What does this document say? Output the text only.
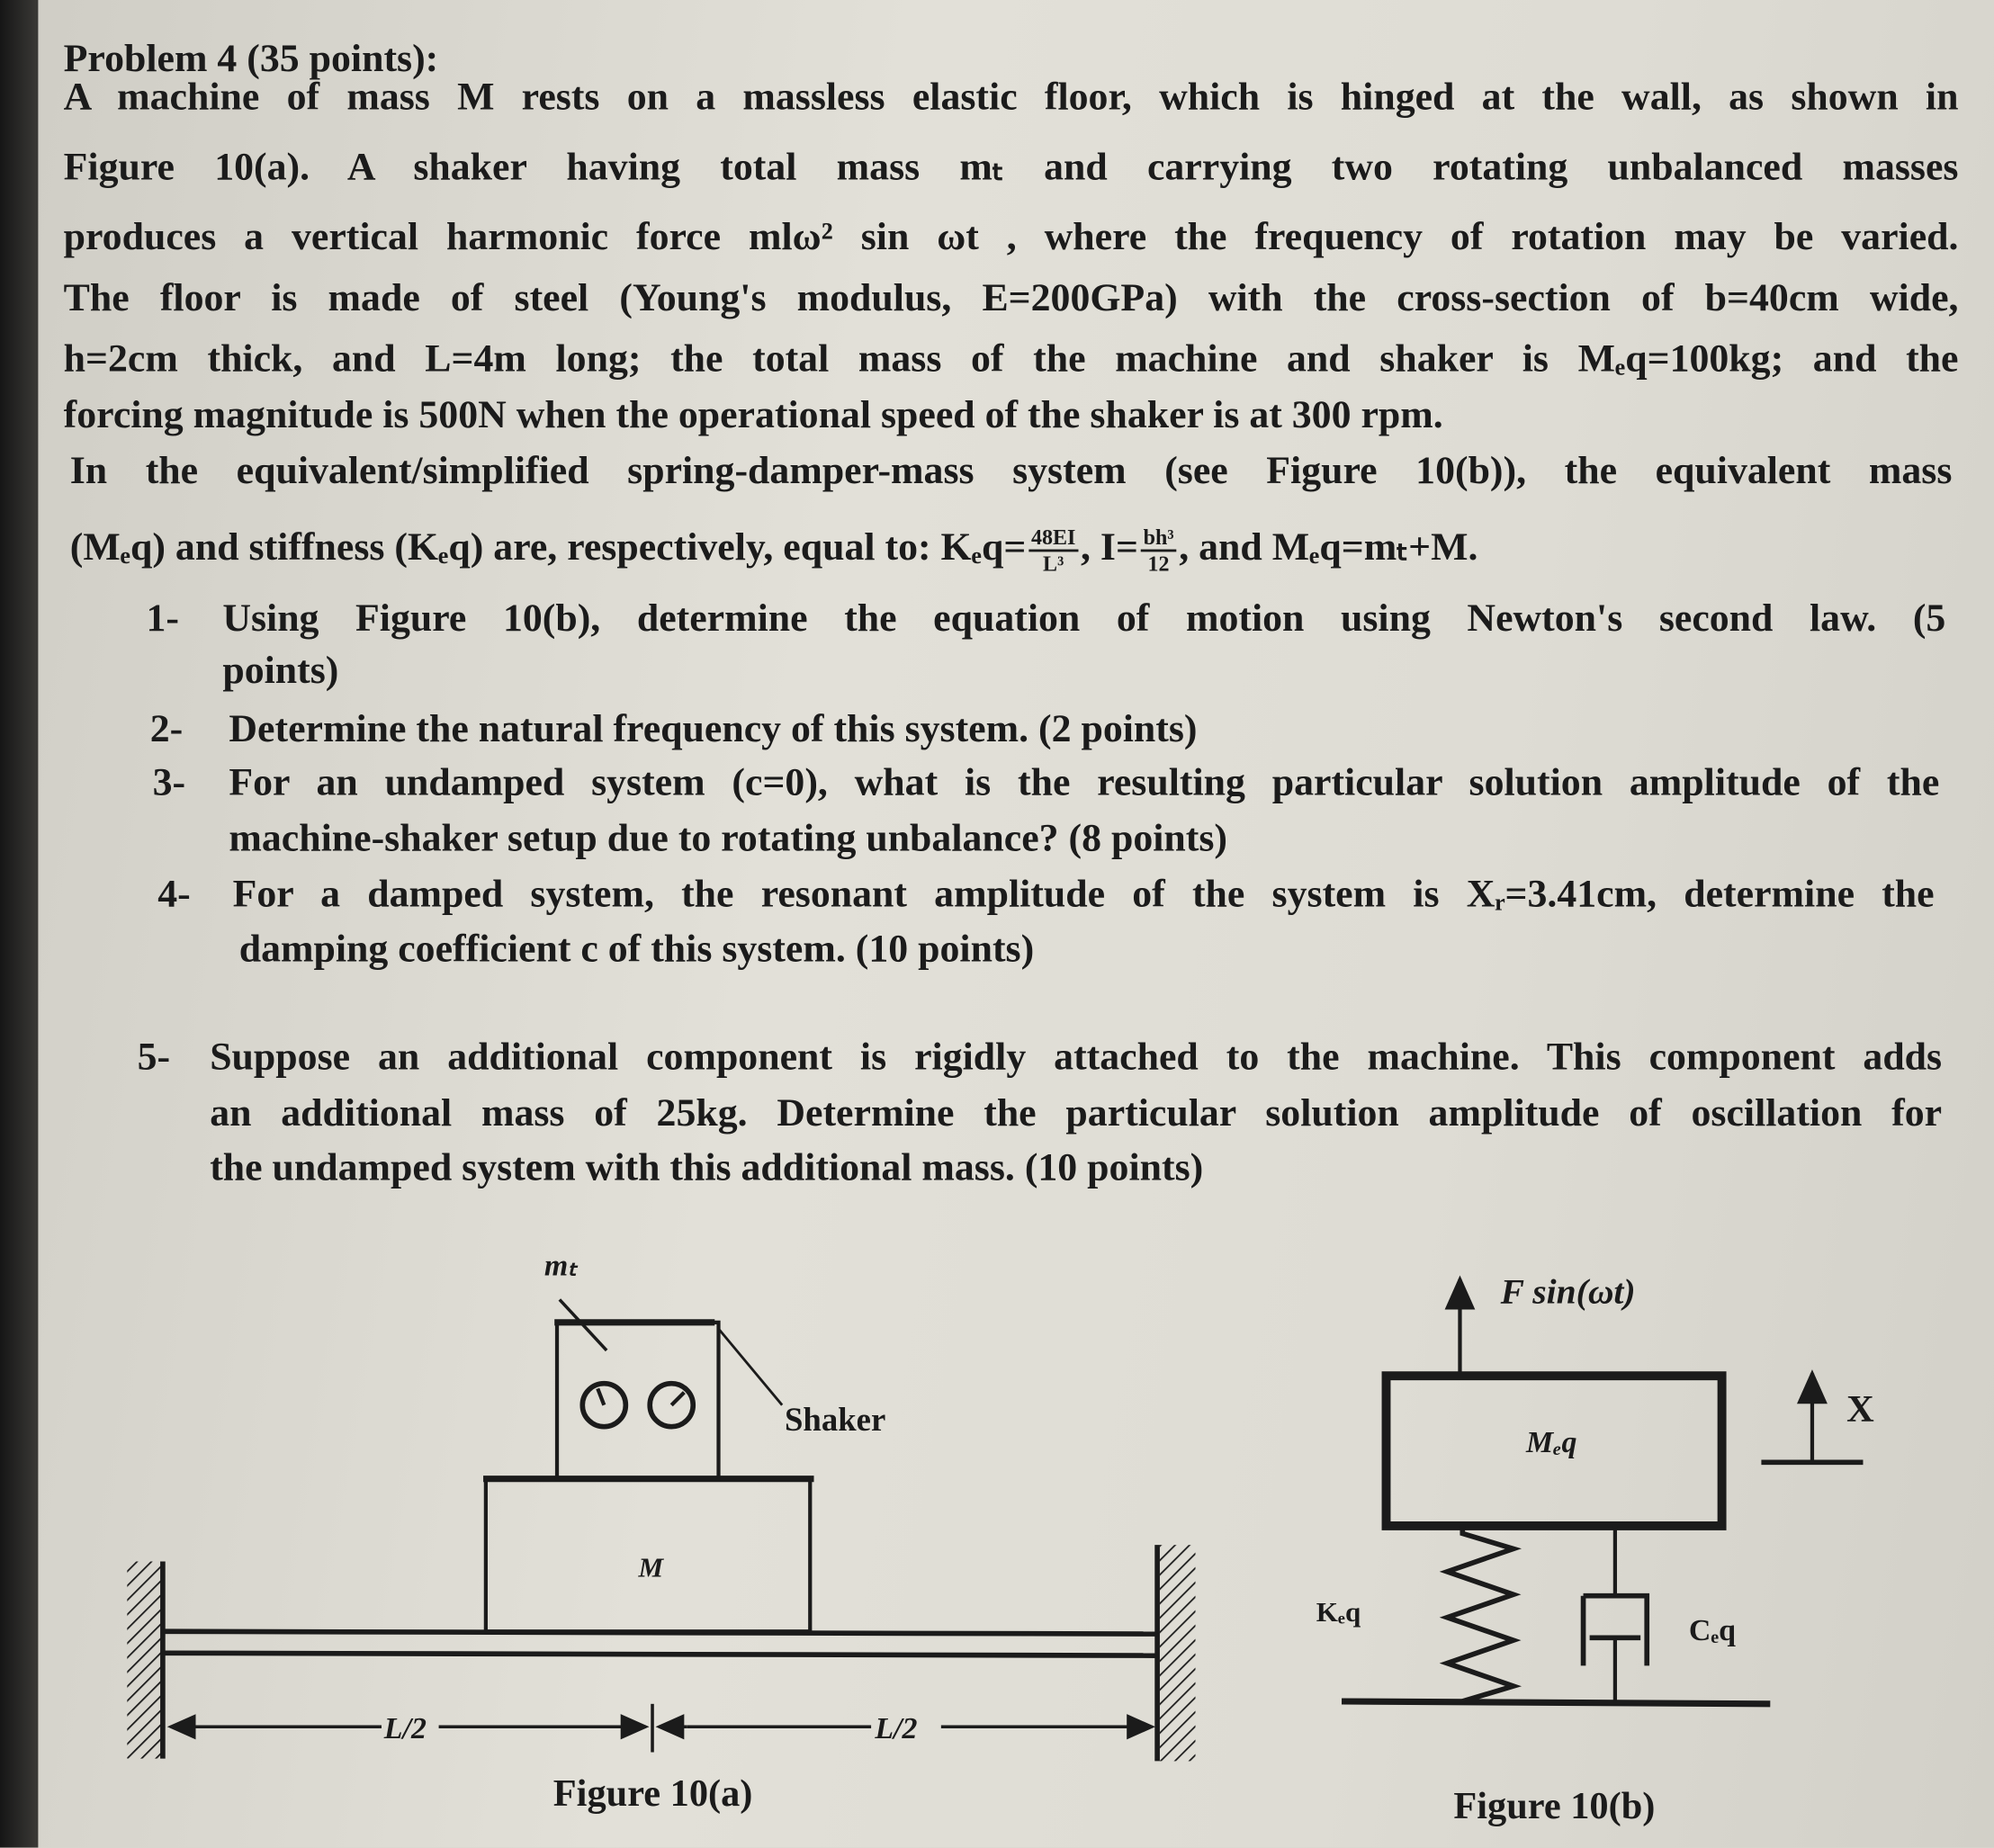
Problem 4 (35 points):
A machine of mass M rests on a massless elastic floor, which is hinged at the wall, as shown in
Figure 10(a). A shaker having total mass mₜ and carrying two rotating unbalanced masses
produces a vertical harmonic force mlω² sin ωt , where the frequency of rotation may be varied.
The floor is made of steel (Young's modulus, E=200GPa) with the cross-section of b=40cm wide,
h=2cm thick, and L=4m long; the total mass of the machine and shaker is Mₑq=100kg; and the
forcing magnitude is 500N when the operational speed of the shaker is at 300 rpm.
In the equivalent/simplified spring-damper-mass system (see Figure 10(b)), the equivalent mass
(Mₑq) and stiffness (Kₑq) are, respectively, equal to: $K_eq= \frac{48EI}{\text{L³}}$ , $I= \frac{\text{bh³}}{12}$ , and Mₑq=mₜ+M.
1- Using Figure 10(b), determine the equation of motion using Newton's second law. (5
points)
2- Determine the natural frequency of this system. (2 points)
3- For an undamped system (c=0), what is the resulting particular solution amplitude of the
machine-shaker setup due to rotating unbalance? (8 points)
4- For a damped system, the resonant amplitude of the system is Xᵣ=3.41cm, determine the
damping coefficient c of this system. (10 points)
5- Suppose an additional component is rigidly attached to the machine. This component adds
an additional mass of 25kg. Determine the particular solution amplitude of oscillation for
the undamped system with this additional mass. (10 points)
mₜ
Shaker
M
L/2	L/2
Figure 10(a)
F sin(ωt)
Mₑq
Kₑq
Cₑq
X
Figure 10(b)
